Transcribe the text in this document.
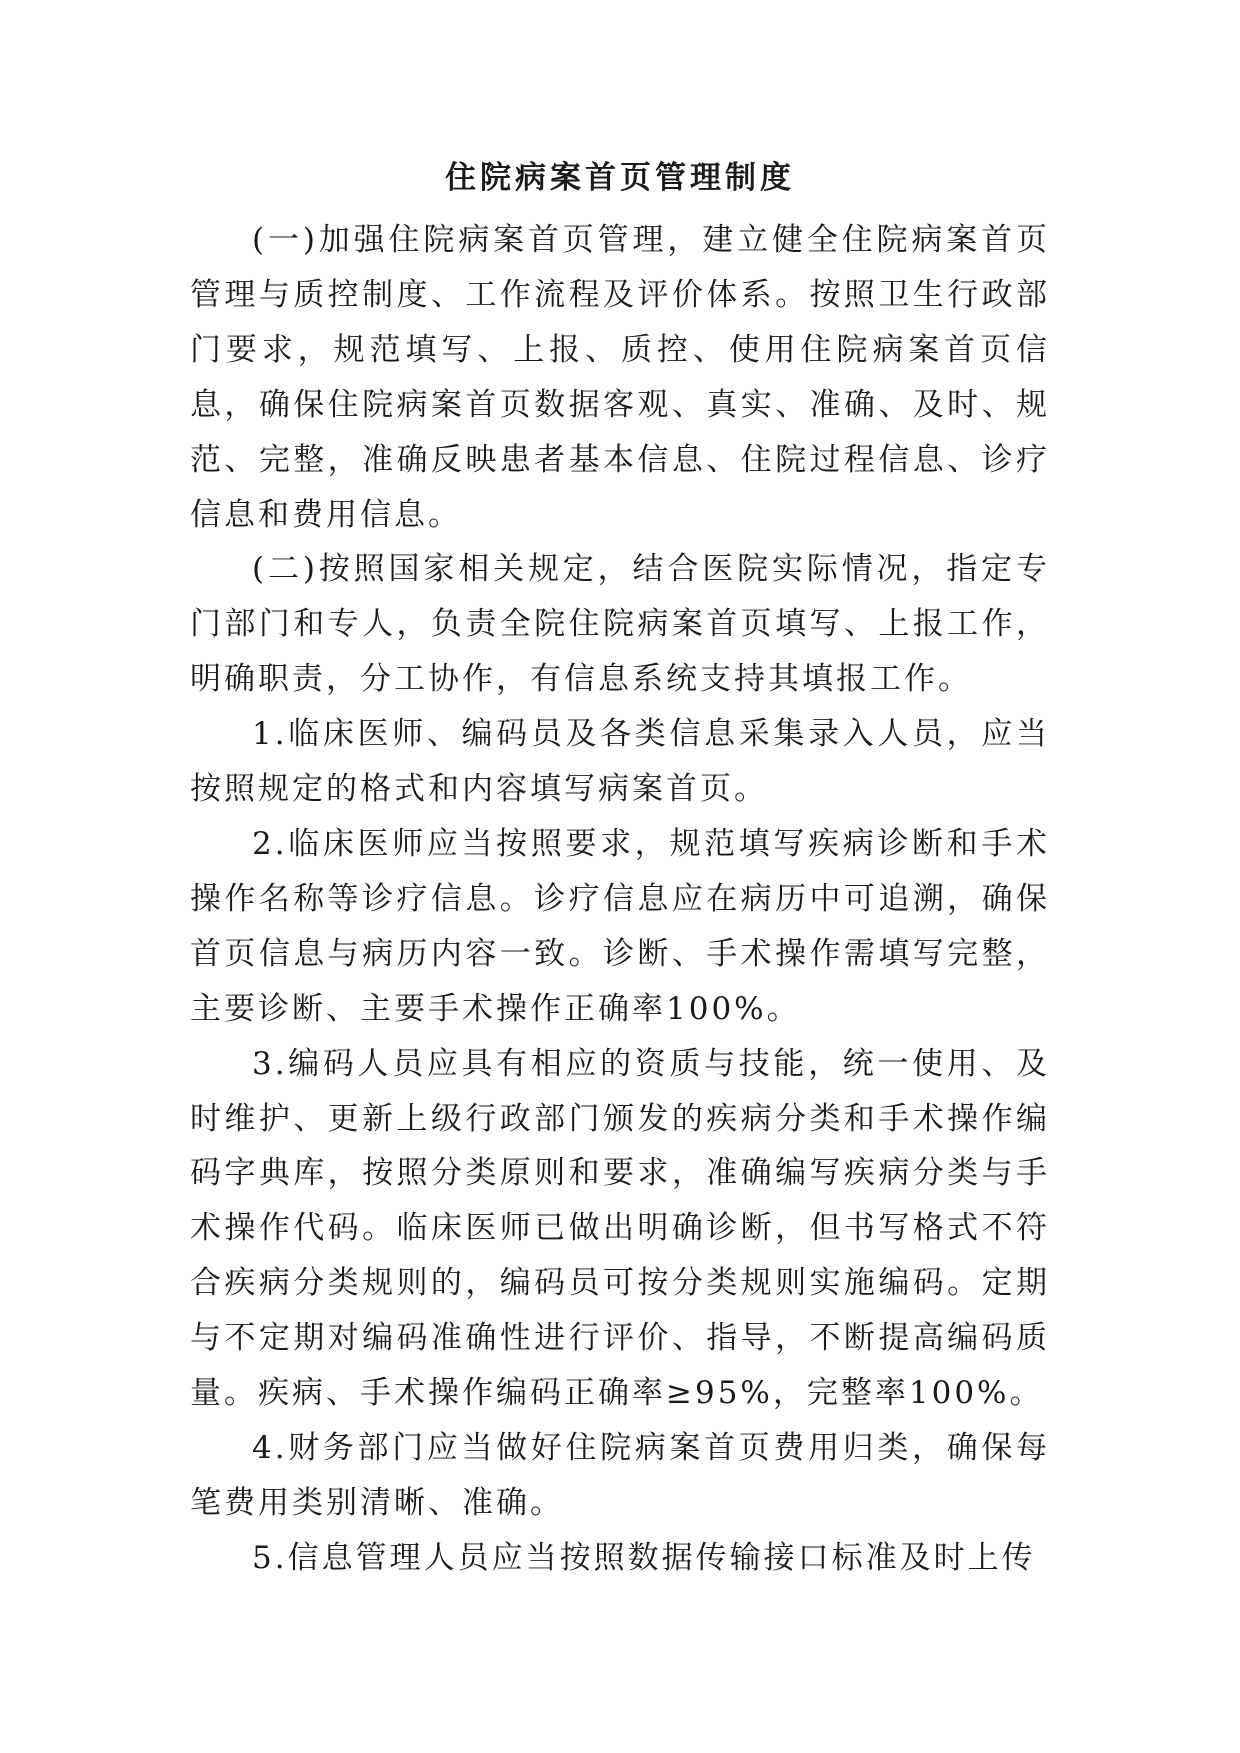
住院病案首页管理制度

(一)加强住院病案首页管理，建立健全住院病案首页管理与质控制度、工作流程及评价体系。按照卫生行政部门要求，规范填写、上报、质控、使用住院病案首页信息，确保住院病案首页数据客观、真实、准确、及时、规范、完整，准确反映患者基本信息、住院过程信息、诊疗信息和费用信息。

(二)按照国家相关规定，结合医院实际情况，指定专门部门和专人，负责全院住院病案首页填写、上报工作，明确职责，分工协作，有信息系统支持其填报工作。

1.临床医师、编码员及各类信息采集录入人员，应当按照规定的格式和内容填写病案首页。

2.临床医师应当按照要求，规范填写疾病诊断和手术操作名称等诊疗信息。诊疗信息应在病历中可追溯，确保首页信息与病历内容一致。诊断、手术操作需填写完整，主要诊断、主要手术操作正确率100%。

3.编码人员应具有相应的资质与技能，统一使用、及时维护、更新上级行政部门颁发的疾病分类和手术操作编码字典库，按照分类原则和要求，准确编写疾病分类与手术操作代码。临床医师已做出明确诊断，但书写格式不符合疾病分类规则的，编码员可按分类规则实施编码。定期与不定期对编码准确性进行评价、指导，不断提高编码质量。疾病、手术操作编码正确率≥95%，完整率100%。

4.财务部门应当做好住院病案首页费用归类，确保每笔费用类别清晰、准确。

5.信息管理人员应当按照数据传输接口标准及时上传
